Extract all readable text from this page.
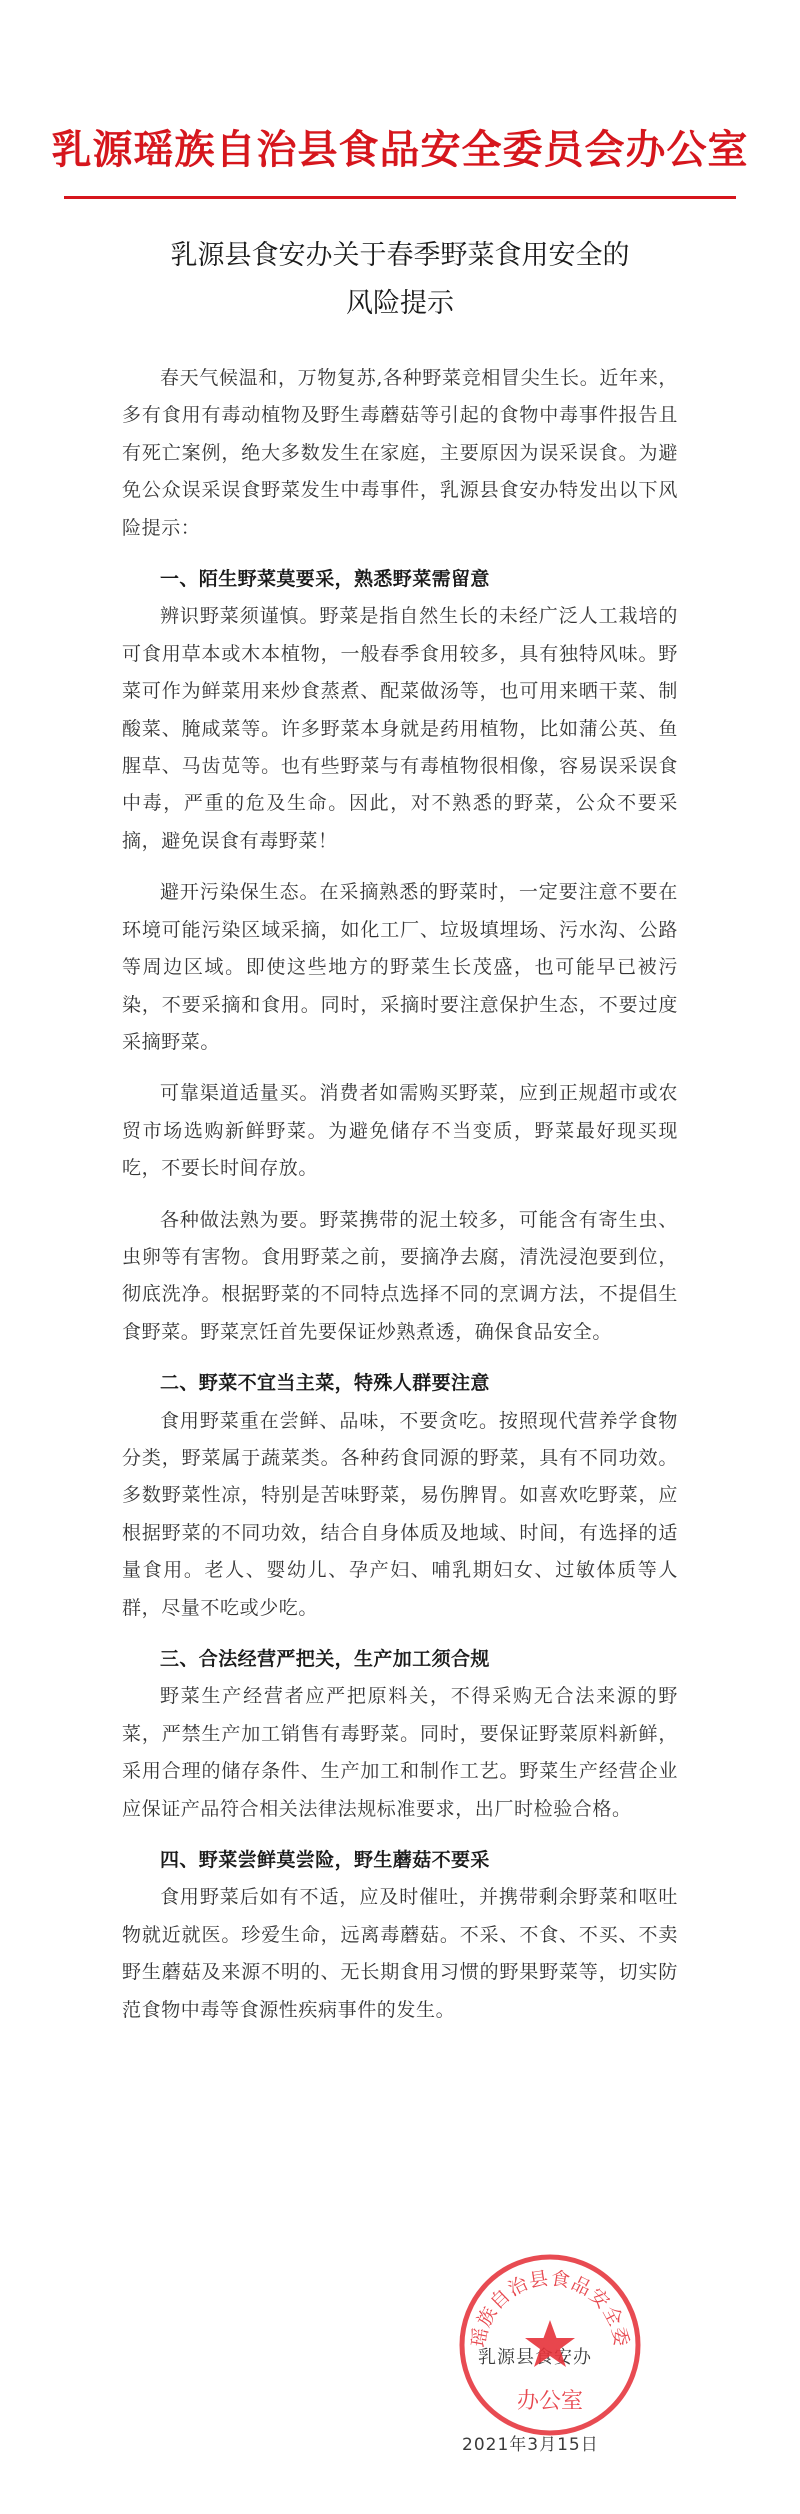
乳源瑶族自治县食品安全委员会办公室
乳源县食安办关于春季野菜食用安全的
风险提示

春天气候温和，万物复苏,各种野菜竞相冒尖生长。近年来，多有食用有毒动植物及野生毒蘑菇等引起的食物中毒事件报告且有死亡案例，绝大多数发生在家庭，主要原因为误采误食。为避免公众误采误食野菜发生中毒事件，乳源县食安办特发出以下风险提示：

一、陌生野菜莫要采，熟悉野菜需留意

辨识野菜须谨慎。野菜是指自然生长的未经广泛人工栽培的可食用草本或木本植物，一般春季食用较多，具有独特风味。野菜可作为鲜菜用来炒食蒸煮、配菜做汤等，也可用来晒干菜、制酸菜、腌咸菜等。许多野菜本身就是药用植物，比如蒲公英、鱼腥草、马齿苋等。也有些野菜与有毒植物很相像，容易误采误食中毒，严重的危及生命。因此，对不熟悉的野菜，公众不要采摘，避免误食有毒野菜！

避开污染保生态。在采摘熟悉的野菜时，一定要注意不要在环境可能污染区域采摘，如化工厂、垃圾填埋场、污水沟、公路等周边区域。即使这些地方的野菜生长茂盛，也可能早已被污染，不要采摘和食用。同时，采摘时要注意保护生态，不要过度采摘野菜。

可靠渠道适量买。消费者如需购买野菜，应到正规超市或农贸市场选购新鲜野菜。为避免储存不当变质，野菜最好现买现吃，不要长时间存放。

各种做法熟为要。野菜携带的泥土较多，可能含有寄生虫、虫卵等有害物。食用野菜之前，要摘净去腐，清洗浸泡要到位，彻底洗净。根据野菜的不同特点选择不同的烹调方法，不提倡生食野菜。野菜烹饪首先要保证炒熟煮透，确保食品安全。

二、野菜不宜当主菜，特殊人群要注意

食用野菜重在尝鲜、品味，不要贪吃。按照现代营养学食物分类，野菜属于蔬菜类。各种药食同源的野菜，具有不同功效。多数野菜性凉，特别是苦味野菜，易伤脾胃。如喜欢吃野菜，应根据野菜的不同功效，结合自身体质及地域、时间，有选择的适量食用。老人、婴幼儿、孕产妇、哺乳期妇女、过敏体质等人群，尽量不吃或少吃。

三、合法经营严把关，生产加工须合规

野菜生产经营者应严把原料关，不得采购无合法来源的野菜，严禁生产加工销售有毒野菜。同时，要保证野菜原料新鲜，采用合理的储存条件、生产加工和制作工艺。野菜生产经营企业应保证产品符合相关法律法规标准要求，出厂时检验合格。

四、野菜尝鲜莫尝险，野生蘑菇不要采

食用野菜后如有不适，应及时催吐，并携带剩余野菜和呕吐物就近就医。珍爱生命，远离毒蘑菇。不采、不食、不买、不卖野生蘑菇及来源不明的、无长期食用习惯的野果野菜等，切实防范食物中毒等食源性疾病事件的发生。

乳源县食安办
瑶族自治县食品安全委
办公室
2021年3月15日
